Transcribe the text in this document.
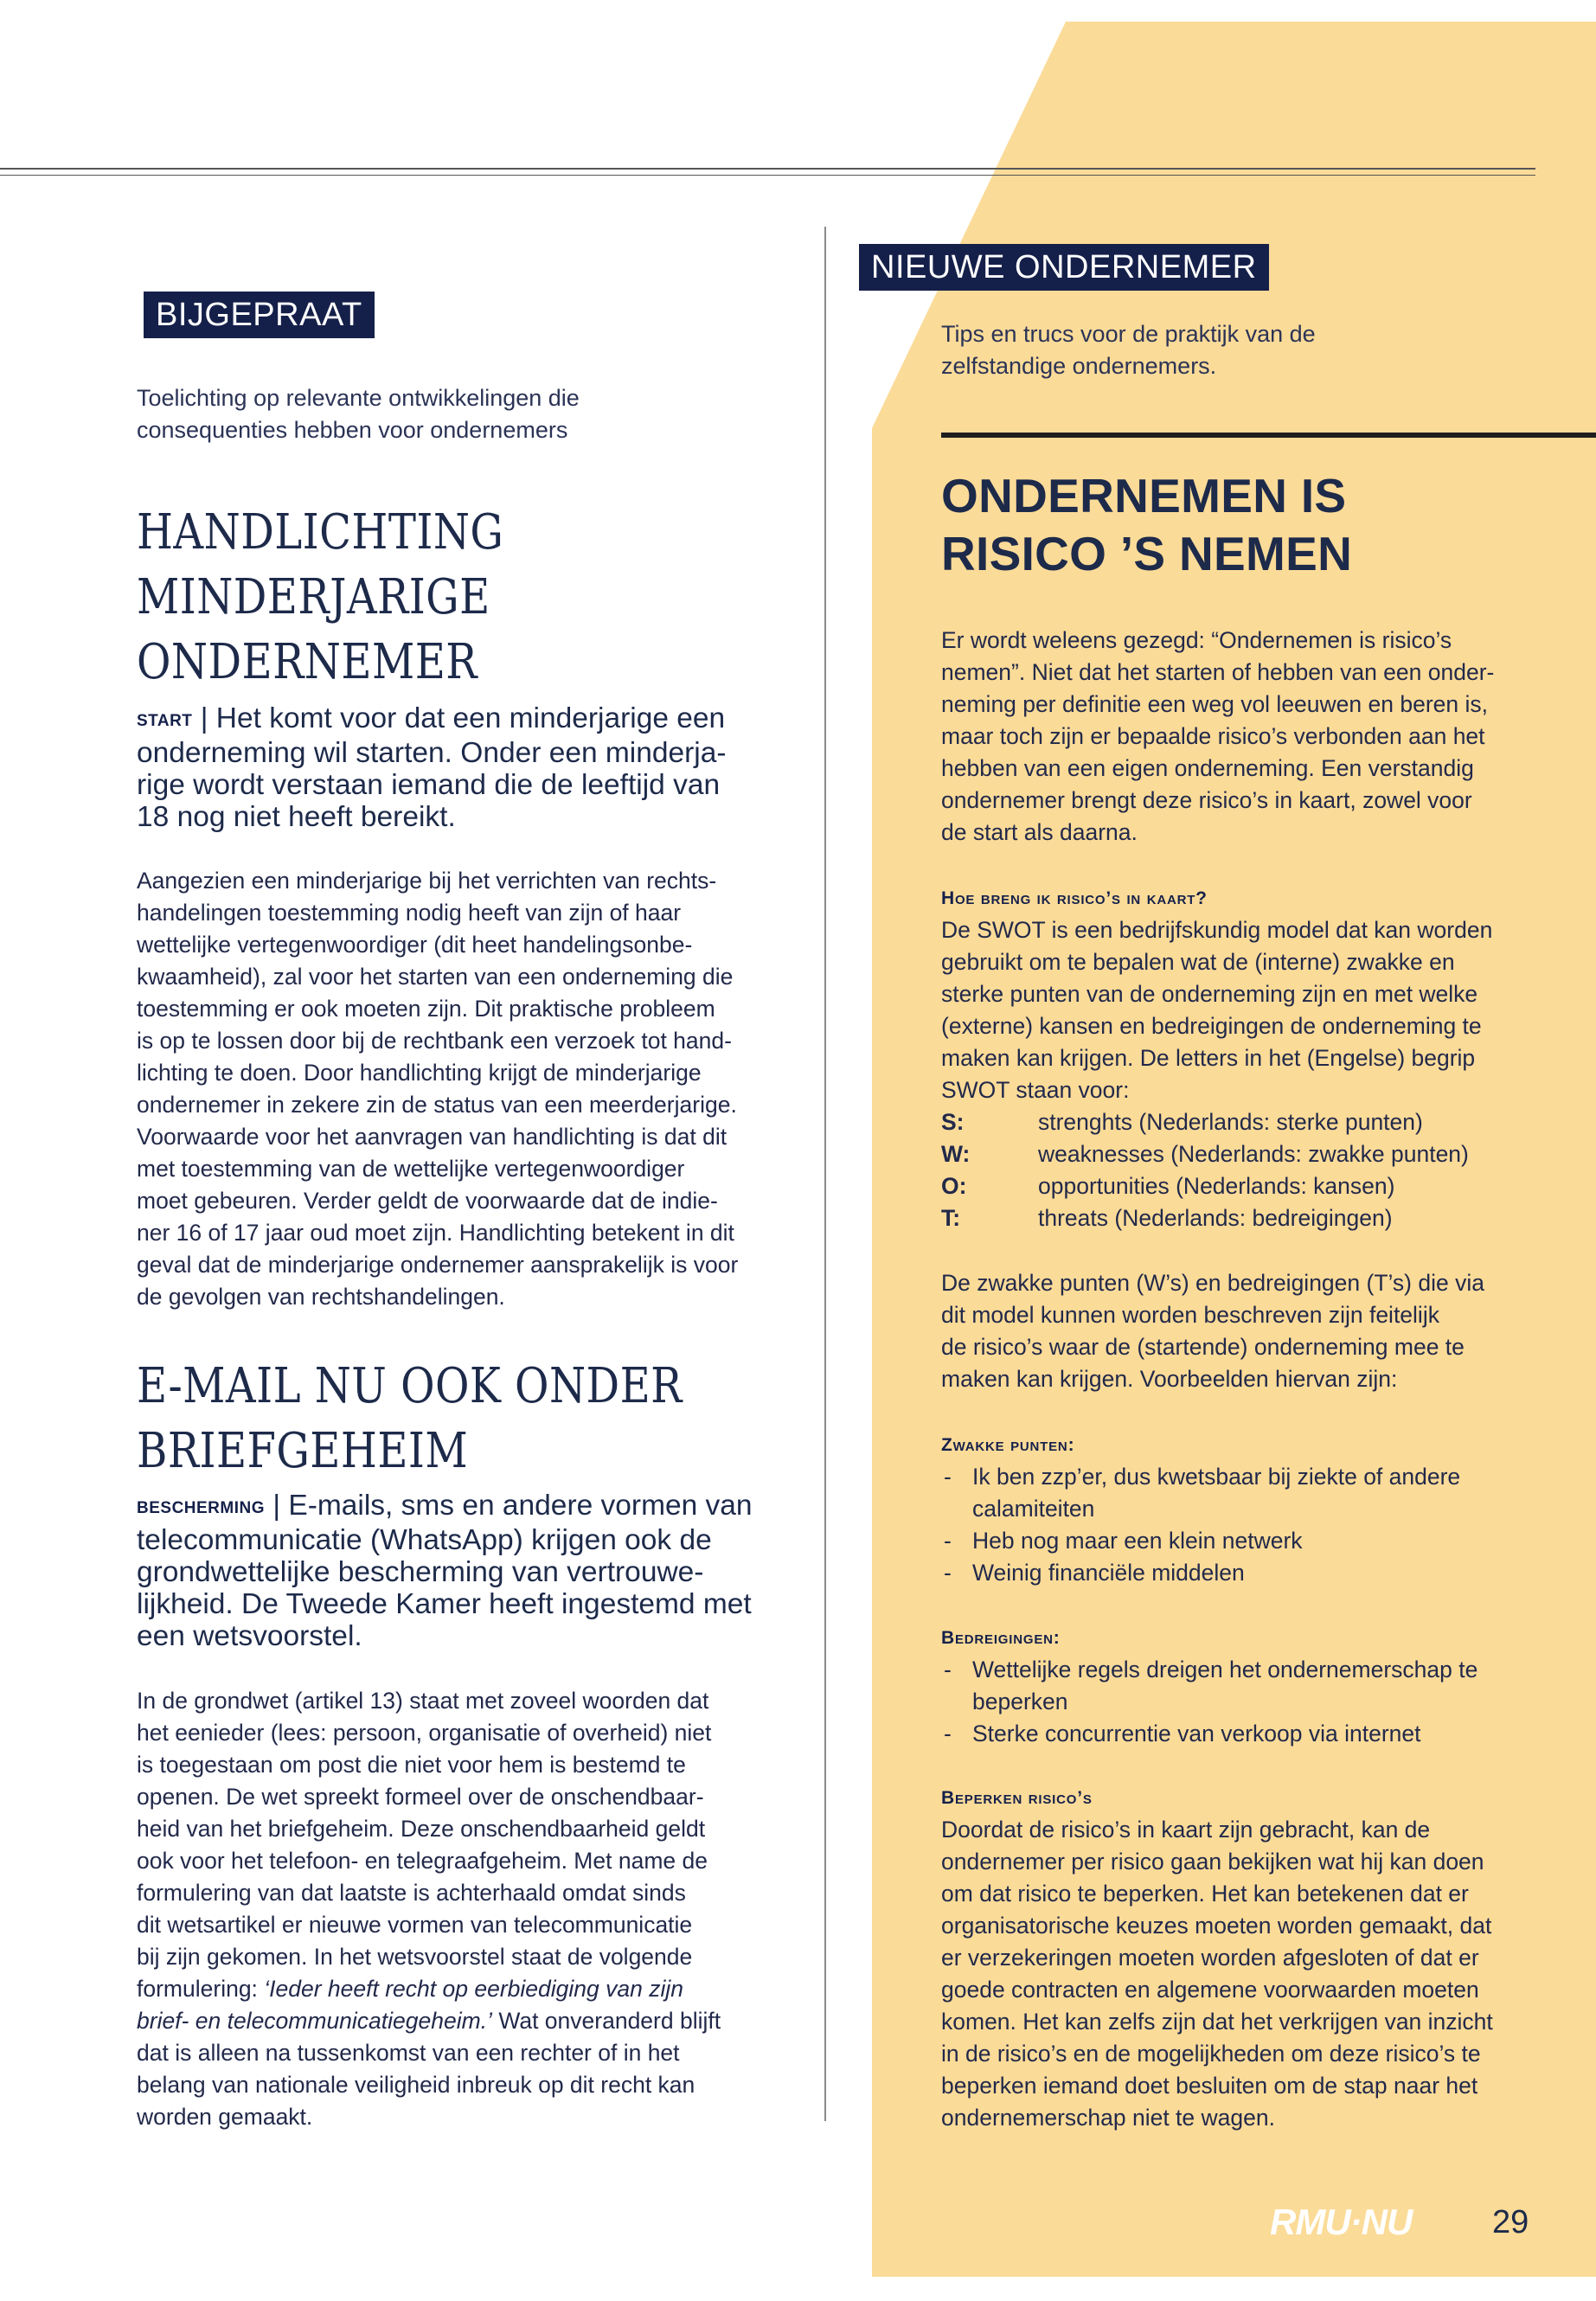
BIJGEPRAAT
Toelichting op relevante ontwikkelingen die
consequenties hebben voor ondernemers
HANDLICHTING
MINDERJARIGE
ONDERNEMER
START | Het komt voor dat een minderjarige een
onderneming wil starten. Onder een minderja-
rige wordt verstaan iemand die de leeftijd van
18 nog niet heeft bereikt.
Aangezien een minderjarige bij het verrichten van rechts-
handelingen toestemming nodig heeft van zijn of haar
wettelijke vertegenwoordiger (dit heet handelingsonbe-
kwaamheid), zal voor het starten van een onderneming die
toestemming er ook moeten zijn. Dit praktische probleem
is op te lossen door bij de rechtbank een verzoek tot hand-
lichting te doen. Door handlichting krijgt de minderjarige
ondernemer in zekere zin de status van een meerderjarige.
Voorwaarde voor het aanvragen van handlichting is dat dit
met toestemming van de wettelijke vertegenwoordiger
moet gebeuren. Verder geldt de voorwaarde dat de indie-
ner 16 of 17 jaar oud moet zijn. Handlichting betekent in dit
geval dat de minderjarige ondernemer aansprakelijk is voor
de gevolgen van rechtshandelingen.
E-MAIL NU OOK ONDER
BRIEFGEHEIM
BESCHERMING | E-mails, sms en andere vormen van
telecommunicatie (WhatsApp) krijgen ook de
grondwettelijke bescherming van vertrouwe-
lijkheid. De Tweede Kamer heeft ingestemd met
een wetsvoorstel.
In de grondwet (artikel 13) staat met zoveel woorden dat
het eenieder (lees: persoon, organisatie of overheid) niet
is toegestaan om post die niet voor hem is bestemd te
openen. De wet spreekt formeel over de onschendbaar-
heid van het briefgeheim. Deze onschendbaarheid geldt
ook voor het telefoon- en telegraafgeheim. Met name de
formulering van dat laatste is achterhaald omdat sinds
dit wetsartikel er nieuwe vormen van telecommunicatie
bij zijn gekomen. In het wetsvoorstel staat de volgende
formulering: ‘Ieder heeft recht op eerbiediging van zijn
brief- en telecommunicatiegeheim.’ Wat onveranderd blijft
dat is alleen na tussenkomst van een rechter of in het
belang van nationale veiligheid inbreuk op dit recht kan
worden gemaakt.
NIEUWE ONDERNEMER
Tips en trucs voor de praktijk van de
zelfstandige ondernemers.
ONDERNEMEN IS
RISICO ’S NEMEN
Er wordt weleens gezegd: “Ondernemen is risico’s
nemen”. Niet dat het starten of hebben van een onder-
neming per definitie een weg vol leeuwen en beren is,
maar toch zijn er bepaalde risico’s verbonden aan het
hebben van een eigen onderneming. Een verstandig
ondernemer brengt deze risico’s in kaart, zowel voor
de start als daarna.
Hoe breng ik risico’s in kaart?
De SWOT is een bedrijfskundig model dat kan worden
gebruikt om te bepalen wat de (interne) zwakke en
sterke punten van de onderneming zijn en met welke
(externe) kansen en bedreigingen de onderneming te
maken kan krijgen. De letters in het (Engelse) begrip
SWOT staan voor:
S:	strenghts (Nederlands: sterke punten)
W:	weaknesses (Nederlands: zwakke punten)
O:	opportunities (Nederlands: kansen)
T:	threats (Nederlands: bedreigingen)
De zwakke punten (W’s) en bedreigingen (T’s) die via
dit model kunnen worden beschreven zijn feitelijk
de risico’s waar de (startende) onderneming mee te
maken kan krijgen. Voorbeelden hiervan zijn:
Zwakke punten:
- Ik ben zzp’er, dus kwetsbaar bij ziekte of andere
calamiteiten
- Heb nog maar een klein netwerk
- Weinig financiële middelen
Bedreigingen:
- Wettelijke regels dreigen het ondernemerschap te
beperken
- Sterke concurrentie van verkoop via internet
Beperken risico’s
Doordat de risico’s in kaart zijn gebracht, kan de
ondernemer per risico gaan bekijken wat hij kan doen
om dat risico te beperken. Het kan betekenen dat er
organisatorische keuzes moeten worden gemaakt, dat
er verzekeringen moeten worden afgesloten of dat er
goede contracten en algemene voorwaarden moeten
komen. Het kan zelfs zijn dat het verkrijgen van inzicht
in de risico’s en de mogelijkheden om deze risico’s te
beperken iemand doet besluiten om de stap naar het
ondernemerschap niet te wagen.
RMU·NU 29
